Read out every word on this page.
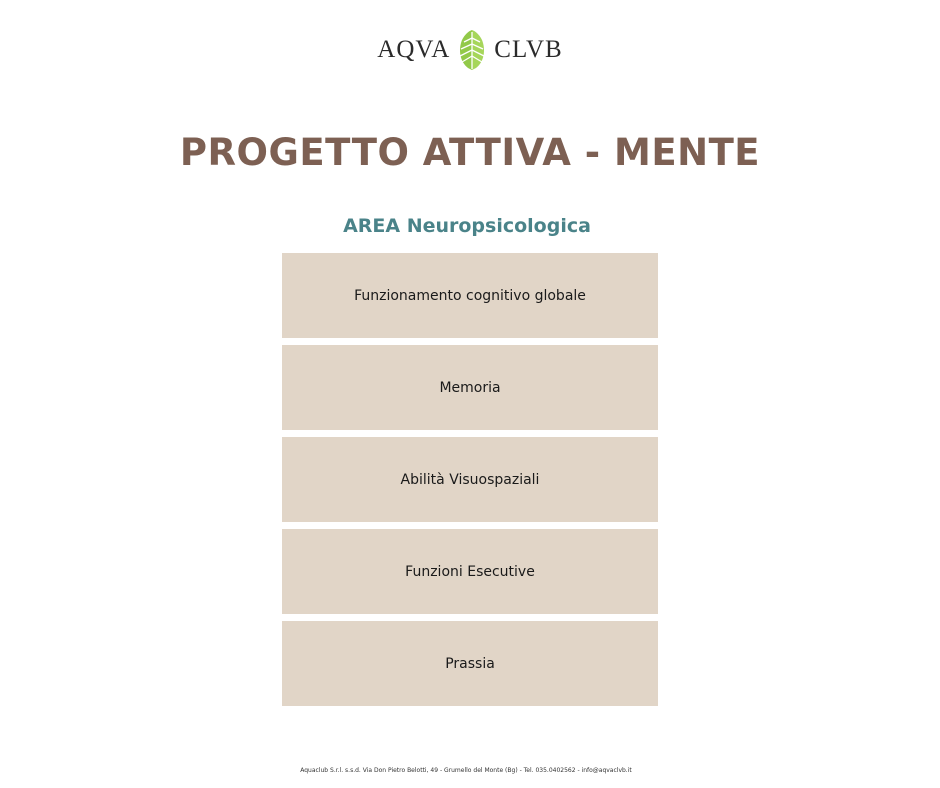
AQVA CLVB
PROGETTO ATTIVA - MENTE
AREA Neuropsicologica
Funzionamento cognitivo globale
Memoria
Abilità Visuospaziali
Funzioni Esecutive
Prassia
Aquaclub S.r.l. s.s.d. Via Don Pietro Belotti, 49 - Grumello del Monte (Bg) - Tel. 035.0402562 - info@aqvaclvb.it
